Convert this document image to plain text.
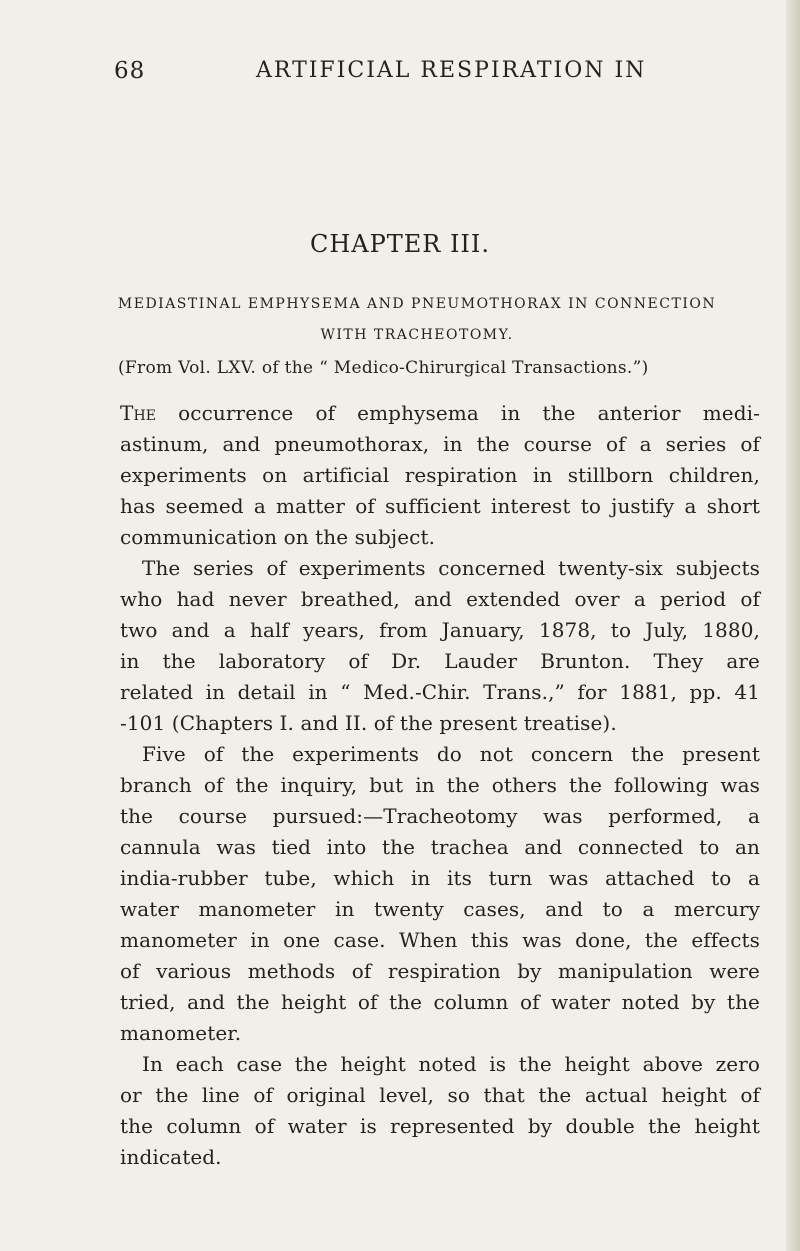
68	ARTIFICIAL RESPIRATION IN
CHAPTER III.
MEDIASTINAL EMPHYSEMA AND PNEUMOTHORAX IN CONNECTION
WITH TRACHEOTOMY.
(From Vol. LXV. of the “ Medico-Chirurgical Transactions.”)
The occurrence of emphysema in the anterior medi-
astinum, and pneumothorax, in the course of a series of
experiments on artificial respiration in stillborn children,
has seemed a matter of sufficient interest to justify a short
communication on the subject.
The series of experiments concerned twenty-six subjects
who had never breathed, and extended over a period of
two and a half years, from January, 1878, to July, 1880,
in the laboratory of Dr. Lauder Brunton. They are
related in detail in “ Med.-Chir. Trans.,” for 1881, pp. 41
-101 (Chapters I. and II. of the present treatise).
Five of the experiments do not concern the present
branch of the inquiry, but in the others the following was
the course pursued:—Tracheotomy was performed, a
cannula was tied into the trachea and connected to an
india-rubber tube, which in its turn was attached to a
water manometer in twenty cases, and to a mercury
manometer in one case. When this was done, the effects
of various methods of respiration by manipulation were
tried, and the height of the column of water noted by the
manometer.
In each case the height noted is the height above zero
or the line of original level, so that the actual height of
the column of water is represented by double the height
indicated.
